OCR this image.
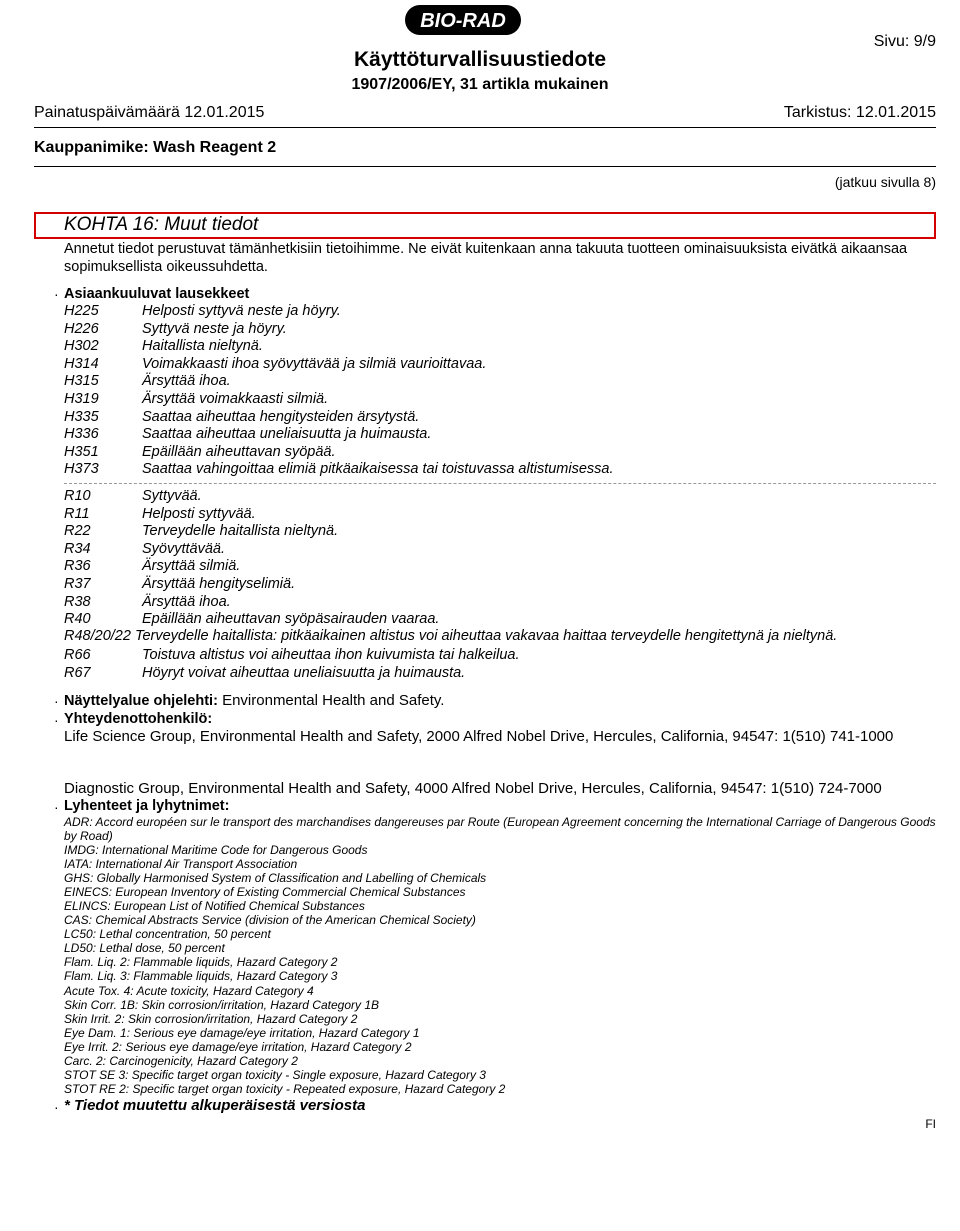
BIO-RAD
Sivu: 9/9
Käyttöturvallisuustiedote
1907/2006/EY, 31 artikla mukainen
Painatuspäivämäärä 12.01.2015	Tarkistus: 12.01.2015
Kauppanimike: Wash Reagent 2
(jatkuu sivulla 8)
KOHTA 16: Muut tiedot
Annetut tiedot perustuvat tämänhetkisiin tietoihimme. Ne eivät kuitenkaan anna takuuta tuotteen ominaisuuksista eivätkä aikaansaa sopimuksellista oikeussuhdetta.
· Asiaankuuluvat lausekkeet
H225	Helposti syttyvä neste ja höyry.
H226	Syttyvä neste ja höyry.
H302	Haitallista nieltynä.
H314	Voimakkaasti ihoa syövyttävää ja silmiä vaurioittavaa.
H315	Ärsyttää ihoa.
H319	Ärsyttää voimakkaasti silmiä.
H335	Saattaa aiheuttaa hengitysteiden ärsytystä.
H336	Saattaa aiheuttaa uneliaisuutta ja huimausta.
H351	Epäillään aiheuttavan syöpää.
H373	Saattaa vahingoittaa elimiä pitkäaikaisessa tai toistuvassa altistumisessa.
R10	Syttyvää.
R11	Helposti syttyvää.
R22	Terveydelle haitallista nieltynä.
R34	Syövyttävää.
R36	Ärsyttää silmiä.
R37	Ärsyttää hengityselimiä.
R38	Ärsyttää ihoa.
R40	Epäillään aiheuttavan syöpäsairauden vaaraa.
R48/20/22 Terveydelle haitallista: pitkäaikainen altistus voi aiheuttaa vakavaa haittaa terveydelle hengitettynä ja nieltynä.
R66	Toistuva altistus voi aiheuttaa ihon kuivumista tai halkeilua.
R67	Höyryt voivat aiheuttaa uneliaisuutta ja huimausta.
· Näyttelyalue ohjelehti: Environmental Health and Safety.
· Yhteydenottohenkilö:
Life Science Group, Environmental Health and Safety, 2000 Alfred Nobel Drive, Hercules, California, 94547: 1(510) 741-1000
Diagnostic Group, Environmental Health and Safety, 4000 Alfred Nobel Drive, Hercules, California, 94547: 1(510) 724-7000
· Lyhenteet ja lyhytnimet:
ADR: Accord européen sur le transport des marchandises dangereuses par Route (European Agreement concerning the International Carriage of Dangerous Goods by Road)
IMDG: International Maritime Code for Dangerous Goods
IATA: International Air Transport Association
GHS: Globally Harmonised System of Classification and Labelling of Chemicals
EINECS: European Inventory of Existing Commercial Chemical Substances
ELINCS: European List of Notified Chemical Substances
CAS: Chemical Abstracts Service (division of the American Chemical Society)
LC50: Lethal concentration, 50 percent
LD50: Lethal dose, 50 percent
Flam. Liq. 2: Flammable liquids, Hazard Category 2
Flam. Liq. 3: Flammable liquids, Hazard Category 3
Acute Tox. 4: Acute toxicity, Hazard Category 4
Skin Corr. 1B: Skin corrosion/irritation, Hazard Category 1B
Skin Irrit. 2: Skin corrosion/irritation, Hazard Category 2
Eye Dam. 1: Serious eye damage/eye irritation, Hazard Category 1
Eye Irrit. 2: Serious eye damage/eye irritation, Hazard Category 2
Carc. 2: Carcinogenicity, Hazard Category 2
STOT SE 3: Specific target organ toxicity - Single exposure, Hazard Category 3
STOT RE 2: Specific target organ toxicity - Repeated exposure, Hazard Category 2
· * Tiedot muutettu alkuperäisestä versiosta
FI
